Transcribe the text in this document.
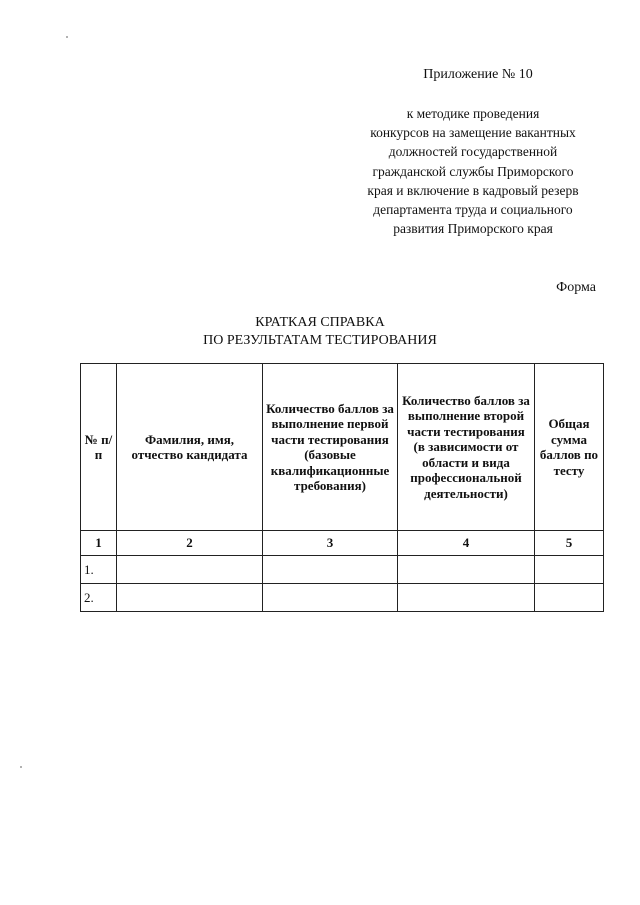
Приложение № 10
к методике проведения
конкурсов на замещение вакантных
должностей государственной
гражданской службы Приморского
края и включение в кадровый резерв
департамента труда и социального
развития Приморского края
Форма
КРАТКАЯ СПРАВКА
ПО РЕЗУЛЬТАТАМ ТЕСТИРОВАНИЯ
№ п/п	Фамилия, имя, отчество кандидата	Количество баллов за выполнение первой части тестирования (базовые квалификационные требования)	Количество баллов за выполнение второй части тестирования (в зависимости от области и вида профессиональной деятельности)	Общая сумма баллов по тесту
1	2	3	4	5
1.				
2.				
